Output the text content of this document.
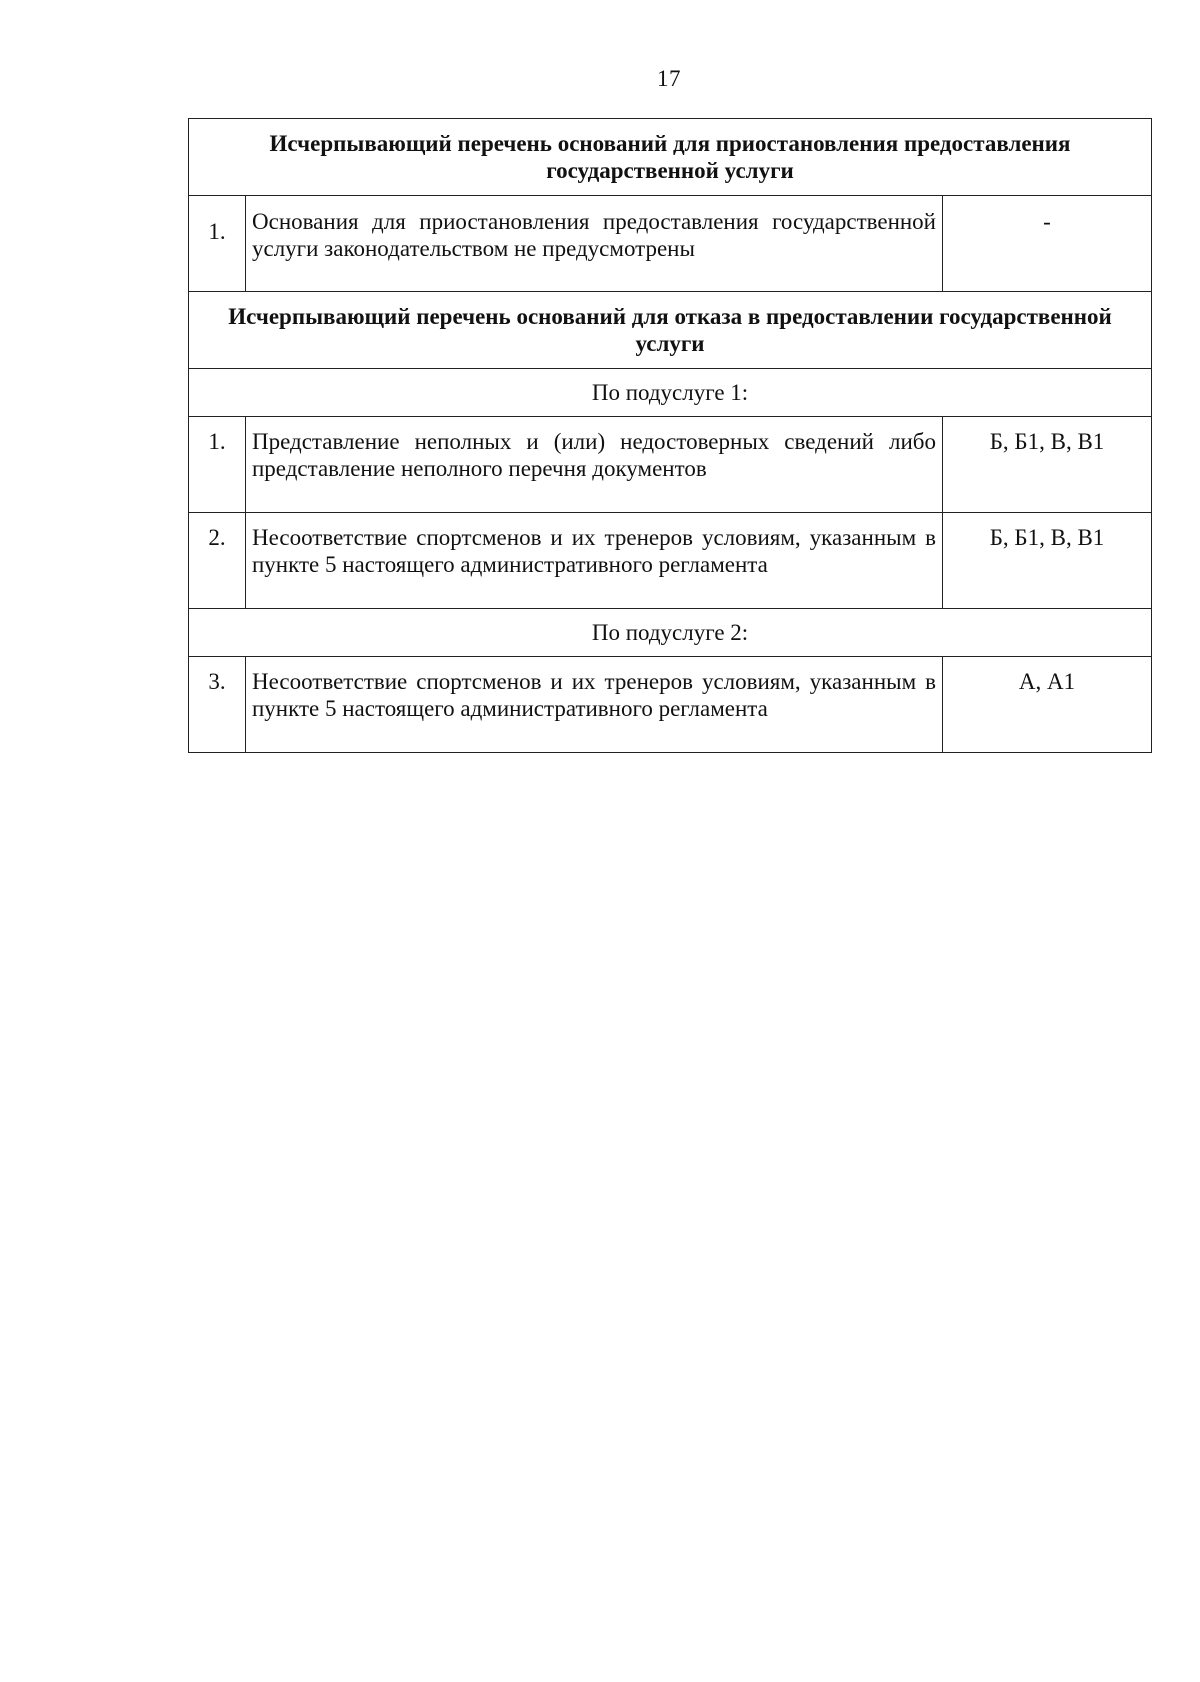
17
Исчерпывающий перечень оснований для приостановления предоставления государственной услуги		
1.	Основания для приостановления предоставления государственной услуги законодательством не предусмотрены	-
Исчерпывающий перечень оснований для отказа в предоставлении государственной услуги		
По подуслуге 1:		
1.	Представление неполных и (или) недостоверных сведений либо представление неполного перечня документов	Б, Б1, В, В1
2.	Несоответствие спортсменов и их тренеров условиям, указанным в пункте 5 настоящего административного регламента	Б, Б1, В, В1
По подуслуге 2:		
3.	Несоответствие спортсменов и их тренеров условиям, указанным в пункте 5 настоящего административного регламента	А, А1
